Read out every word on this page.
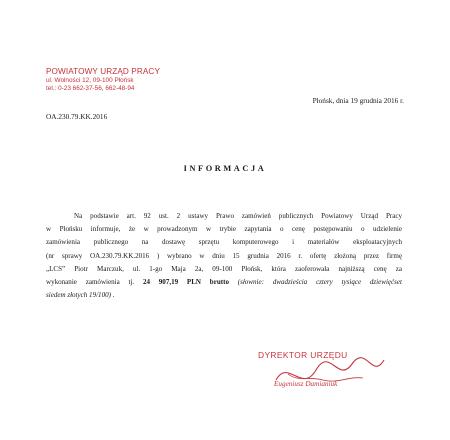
POWIATOWY URZĄD PRACY
ul. Wolności 12, 09-100 Płońsk
tel.: 0-23 662-37-56, 662-48-94
OA.230.79.KK.2016
Płońsk, dnia 19 grudnia 2016 r.
INFORMACJA
Na podstawie art. 92 ust. 2 ustawy Prawo zamówień publicznych Powiatowy Urząd Pracy
w Płońsku informuje, że w prowadzonym w trybie zapytania o cenę postępowaniu o udzielenie
zamówienia publicznego na dostawę sprzętu komputerowego i materiałów eksploatacyjnych
(nr sprawy OA.230.79.KK.2016 ) wybrano w dniu 15 grudnia 2016 r. ofertę złożoną przez firmę
„LCS” Piotr Marczuk, ul. 1-go Maja 2a, 09-100 Płońsk, która zaoferowała najniższą cenę za
wykonanie zamówienia tj. 24 907,19 PLN brutto (słownie: dwadzieścia cztery tysiące dziewięćset
siedem złotych 19/100) .
DYREKTOR URZĘDU
Eugeniusz Damianiuk
